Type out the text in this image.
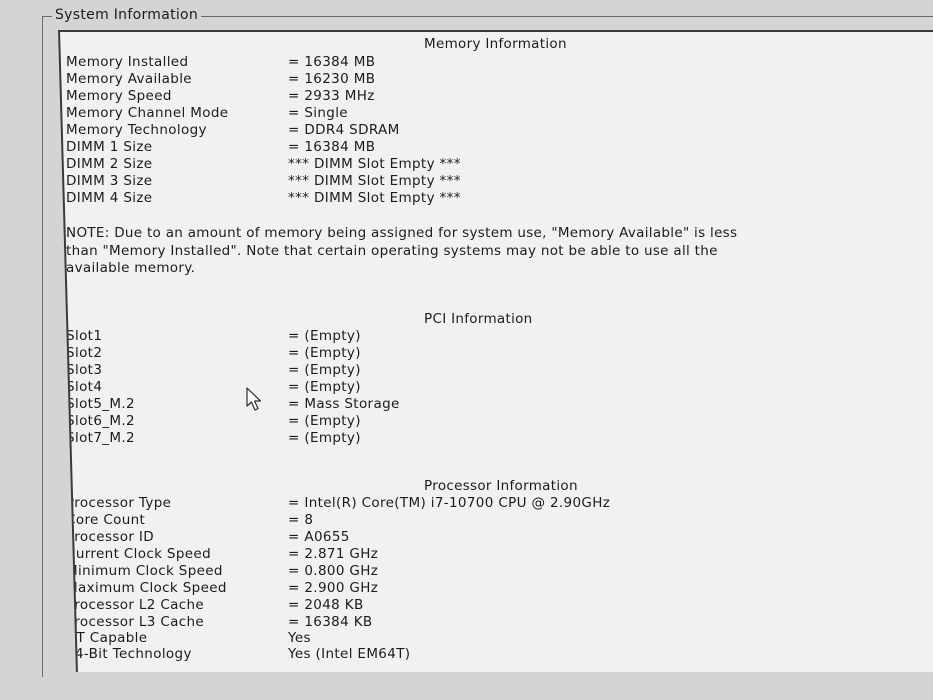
System Information
Memory Information
Memory Installed	= 16384 MB
Memory Available	= 16230 MB
Memory Speed	= 2933 MHz
Memory Channel Mode	= Single
Memory Technology	= DDR4 SDRAM
DIMM 1 Size	= 16384 MB
DIMM 2 Size	*** DIMM Slot Empty ***
DIMM 3 Size	*** DIMM Slot Empty ***
DIMM 4 Size	*** DIMM Slot Empty ***
NOTE: Due to an amount of memory being assigned for system use, "Memory Available" is less
than "Memory Installed". Note that certain operating systems may not be able to use all the
available memory.
PCI Information
Slot1	= (Empty)
Slot2	= (Empty)
Slot3	= (Empty)
Slot4	= (Empty)
Slot5_M.2	= Mass Storage
Slot6_M.2	= (Empty)
Slot7_M.2	= (Empty)
Processor Information
Processor Type	= Intel(R) Core(TM) i7-10700 CPU @ 2.90GHz
Core Count	= 8
Processor ID	= A0655
Current Clock Speed	= 2.871 GHz
Minimum Clock Speed	= 0.800 GHz
Maximum Clock Speed	= 2.900 GHz
Processor L2 Cache	= 2048 KB
Processor L3 Cache	= 16384 KB
HT Capable	Yes
64-Bit Technology	Yes (Intel EM64T)
